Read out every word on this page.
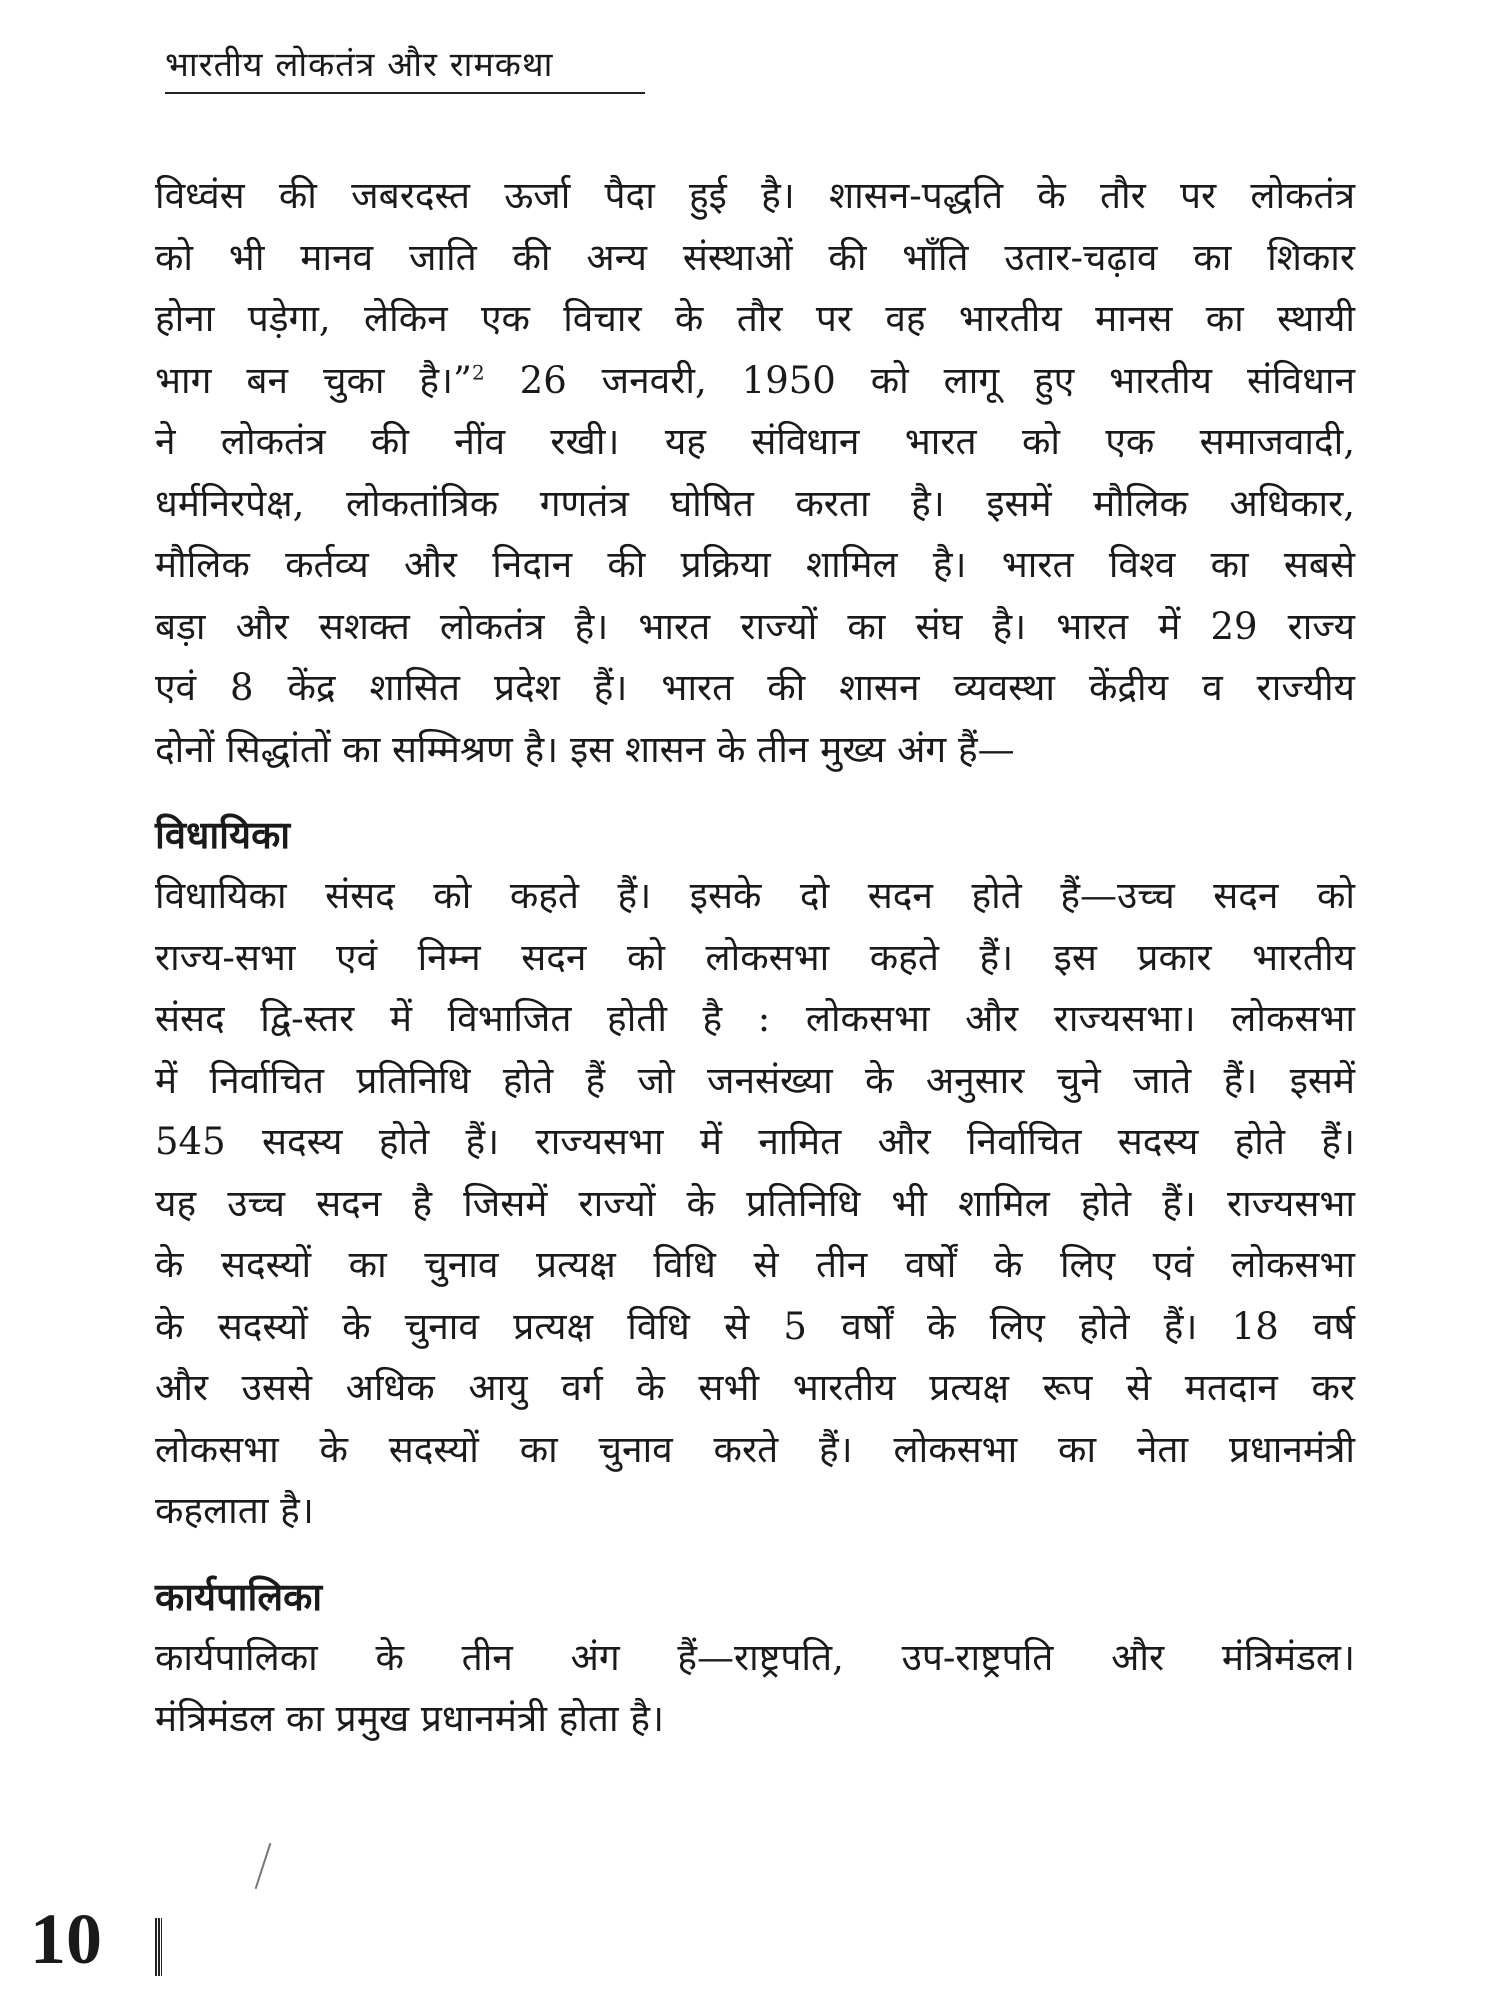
भारतीय लोकतंत्र और रामकथा

विध्वंस की जबरदस्त ऊर्जा पैदा हुई है। शासन-पद्धति के तौर पर लोकतंत्र
को भी मानव जाति की अन्य संस्थाओं की भाँति उतार-चढ़ाव का शिकार
होना पड़ेगा, लेकिन एक विचार के तौर पर वह भारतीय मानस का स्थायी
भाग बन चुका है।”$^2$ 26 जनवरी, 1950 को लागू हुए भारतीय संविधान
ने लोकतंत्र की नींव रखी। यह संविधान भारत को एक समाजवादी,
धर्मनिरपेक्ष, लोकतांत्रिक गणतंत्र घोषित करता है। इसमें मौलिक अधिकार,
मौलिक कर्तव्य और निदान की प्रक्रिया शामिल है। भारत विश्व का सबसे
बड़ा और सशक्त लोकतंत्र है। भारत राज्यों का संघ है। भारत में 29 राज्य
एवं 8 केंद्र शासित प्रदेश हैं। भारत की शासन व्यवस्था केंद्रीय व राज्यीय
दोनों सिद्धांतों का सम्मिश्रण है। इस शासन के तीन मुख्य अंग हैं—

विधायिका

विधायिका संसद को कहते हैं। इसके दो सदन होते हैं—उच्च सदन को
राज्य-सभा एवं निम्न सदन को लोकसभा कहते हैं। इस प्रकार भारतीय
संसद द्वि-स्तर में विभाजित होती है : लोकसभा और राज्यसभा। लोकसभा
में निर्वाचित प्रतिनिधि होते हैं जो जनसंख्या के अनुसार चुने जाते हैं। इसमें
545 सदस्य होते हैं। राज्यसभा में नामित और निर्वाचित सदस्य होते हैं।
यह उच्च सदन है जिसमें राज्यों के प्रतिनिधि भी शामिल होते हैं। राज्यसभा
के सदस्यों का चुनाव प्रत्यक्ष विधि से तीन वर्षों के लिए एवं लोकसभा
के सदस्यों के चुनाव प्रत्यक्ष विधि से 5 वर्षों के लिए होते हैं। 18 वर्ष
और उससे अधिक आयु वर्ग के सभी भारतीय प्रत्यक्ष रूप से मतदान कर
लोकसभा के सदस्यों का चुनाव करते हैं। लोकसभा का नेता प्रधानमंत्री
कहलाता है।

कार्यपालिका

कार्यपालिका के तीन अंग हैं—राष्ट्रपति, उप-राष्ट्रपति और मंत्रिमंडल।
मंत्रिमंडल का प्रमुख प्रधानमंत्री होता है।

10
